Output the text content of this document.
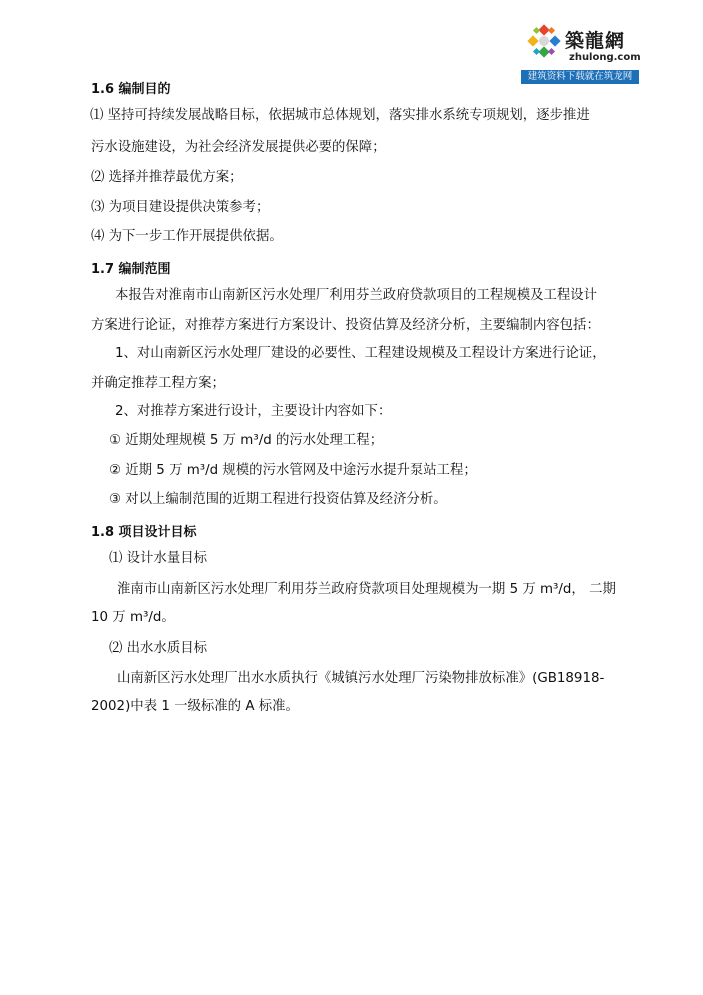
築龍網
zhulong.com
建筑资料下载就在筑龙网
1.6 编制目的
⑴ 坚持可持续发展战略目标，依据城市总体规划，落实排水系统专项规划，逐步推进
污水设施建设，为社会经济发展提供必要的保障；
⑵ 选择并推荐最优方案；
⑶ 为项目建设提供决策参考；
⑷ 为下一步工作开展提供依据。
1.7 编制范围
本报告对淮南市山南新区污水处理厂利用芬兰政府贷款项目的工程规模及工程设计
方案进行论证，对推荐方案进行方案设计、投资估算及经济分析，主要编制内容包括：
1、对山南新区污水处理厂建设的必要性、工程建设规模及工程设计方案进行论证，
并确定推荐工程方案；
2、对推荐方案进行设计，主要设计内容如下：
① 近期处理规模 5 万 m³/d 的污水处理工程；
② 近期 5 万 m³/d 规模的污水管网及中途污水提升泵站工程；
③ 对以上编制范围的近期工程进行投资估算及经济分析。
1.8 项目设计目标
⑴ 设计水量目标
淮南市山南新区污水处理厂利用芬兰政府贷款项目处理规模为一期 5 万 m³/d， 二期
10 万 m³/d。
⑵ 出水水质目标
山南新区污水处理厂出水水质执行《城镇污水处理厂污染物排放标准》(GB18918-
2002)中表 1 一级标准的 A 标准。
